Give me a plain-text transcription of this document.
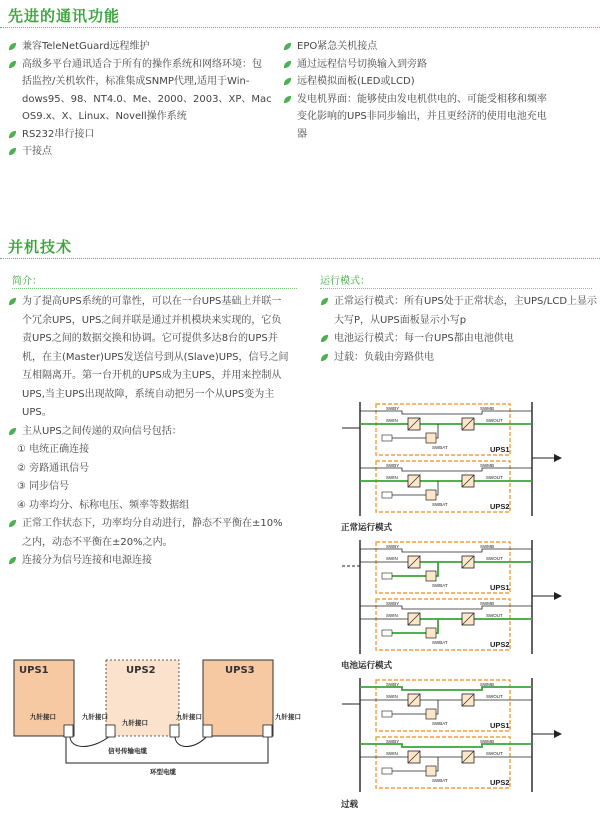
先进的通讯功能
兼容TeleNetGuard远程维护
高级多平台通讯适合于所有的操作系统和网络环境：包
括监控/关机软件，标准集成SNMP代理,适用于Win-
dows95、98、NT4.0、Me、2000、2003、XP、Mac
OS9.x、X、Linux、Novell操作系统
RS232串行接口
干接点
EPO紧急关机接点
通过远程信号切换输入到旁路
远程模拟面板(LED或LCD)
发电机界面：能够使由发电机供电的、可能受相移和频率
变化影响的UPS非同步输出，并且更经济的使用电池充电
器
并机技术
简介：
为了提高UPS系统的可靠性，可以在一台UPS基础上并联一
个冗余UPS，UPS之间并联是通过并机模块来实现的，它负
责UPS之间的数据交换和协调。它可提供多达8台的UPS并
机，在主(Master)UPS发送信号到从(Slave)UPS，信号之间
互相隔离开。第一台开机的UPS成为主UPS，并用来控制从
UPS,当主UPS出现故障，系统自动把另一个从UPS变为主
UPS。
主从UPS之间传递的双向信号包括：
① 电统正确连接
② 旁路通讯信号
③ 同步信号
④ 功率均分、标称电压、频率等数据组
正常工作状态下，功率均分自动进行，静态不平衡在±10%
之内，动态不平衡在±20%之内。
连接分为信号连接和电源连接
运行模式：
正常运行模式：所有UPS处于正常状态，主UPS/LCD上显示
大写P，从UPS面板显示小写p
电池运行模式：每一台UPS都由电池供电
过载：负载由旁路供电
SWBY	SWMB
SWIN	SWOUT
SWBAT	UPS1
SWBY	SWMB
SWIN	SWOUT
SWBAT	UPS2
SWBY	SWMB
SWIN	SWOUT
SWBAT	UPS1
SWBY	SWMB
SWIN	SWOUT
SWBAT	UPS2
SWBY	SWMB
SWIN	SWOUT
SWBAT	UPS1
SWBY	SWMB
SWIN	SWOUT
SWBAT	UPS2
正常运行模式
电池运行模式
过载
UPS1	UPS2	UPS3
九针接口	九针接口
九针接口
九针接口	九针接口
信号传输电缆
环型电缆
